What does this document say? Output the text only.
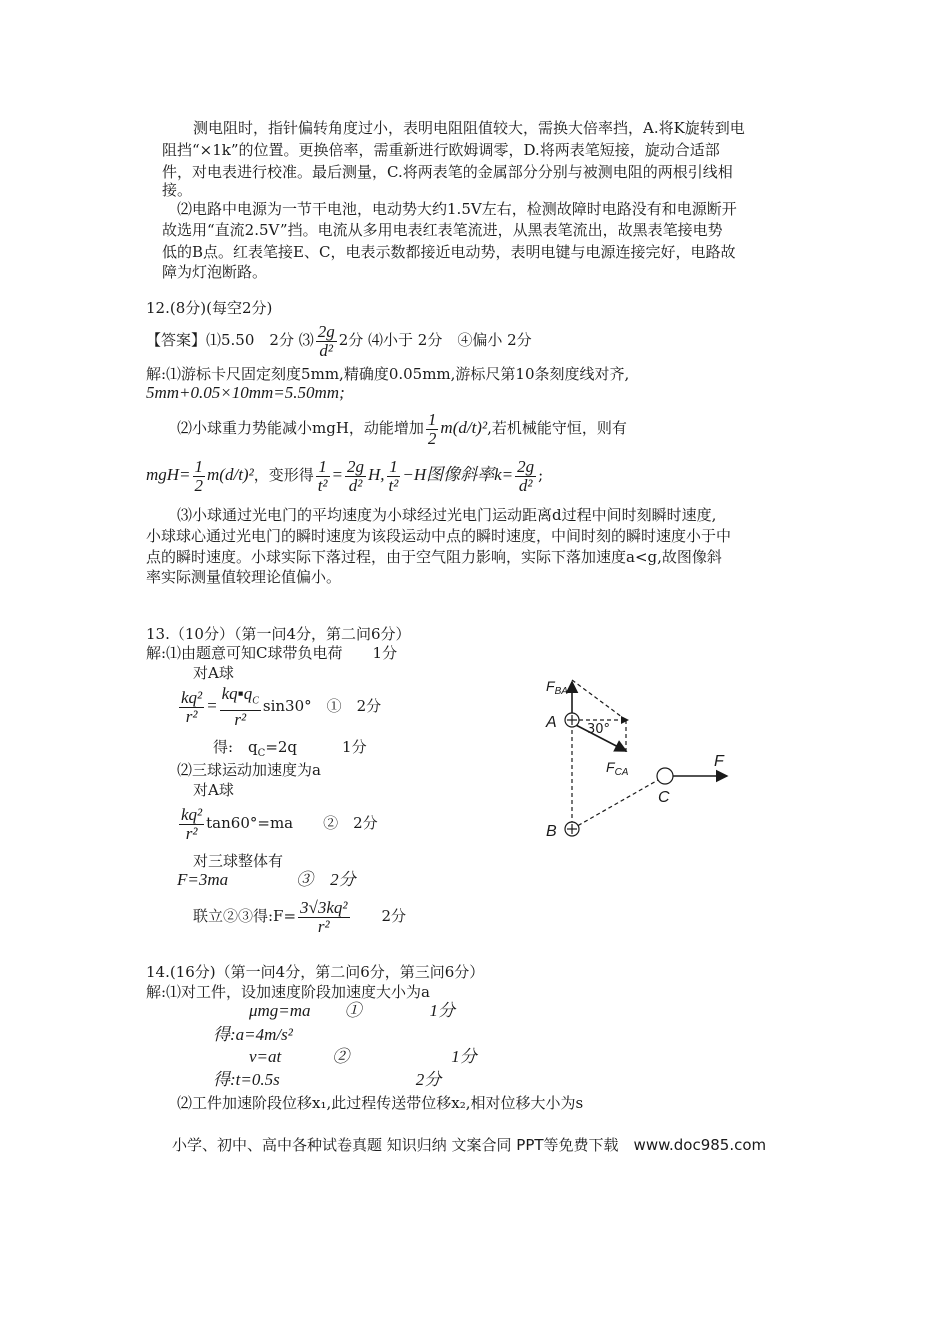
测电阻时，指针偏转角度过小，表明电阻阻值较大，需换大倍率挡，A.将K旋转到电
阻挡“×1k”的位置。更换倍率，需重新进行欧姆调零，D.将两表笔短接，旋动合适部
件，对电表进行校准。最后测量，C.将两表笔的金属部分分别与被测电阻的两根引线相
接。
⑵电路中电源为一节干电池，电动势大约1.5V左右，检测故障时电路没有和电源断开
故选用“直流2.5V”挡。电流从多用电表红表笔流进，从黑表笔流出，故黑表笔接电势
低的B点。红表笔接E、C，电表示数都接近电动势，表明电键与电源连接完好，电路故
障为灯泡断路。
12.(8分)(每空2分)
【答案】⑴5.50　2分 ⑶ $\frac{2g}{\text{d²}} 2$分 ⑷小于 2分　④偏小 2分
解:⑴游标卡尺固定刻度5mm,精确度0.05mm,游标尺第10条刻度线对齐,
5mm+0.05×10mm=5.50mm;
⑵小球重力势能减小mgH，动能增加 $\frac{1}{2} m(d/t)^2$,若机械能守恒，则有
$mgH= \frac{1}{2} m(d/t)^2$，变形得 $\frac{1}{\text{t²}} = \frac{2g}{\text{d²}} H$, $\frac{1}{\text{t²}} -H$图像斜率$k= \frac{2g}{\text{d²}}$ ;
⑶小球通过光电门的平均速度为小球经过光电门运动距离d过程中间时刻瞬时速度,
小球球心通过光电门的瞬时速度为该段运动中点的瞬时速度，中间时刻的瞬时速度小于中
点的瞬时速度。小球实际下落过程，由于空气阻力影响，实际下落加速度a<g,故图像斜
率实际测量值较理论值偏小。
13.（10分）（第一问4分，第二问6分）
解:⑴由题意可知C球带负电荷　　1分
对A球
$\frac{\text{kq²}}{\text{r²}} = \frac{kq▪q_C}{\text{r²}} \sin 30^\circ$　①　2分
得:　$q_C=2q$　　　1分
⑵三球运动加速度为a
对A球
$\frac{\text{kq²}}{\text{r²}} \tan 60^\circ=ma$　　②　2分
对三球整体有
F=3ma　　　　③　2分
联立②③得:F= $\frac{\text{3√3kq²}}{\text{r²}} 2$分
$F_{BA}$
A 30°
$F_{CA}$
C
B
F
14.(16分)（第一问4分，第二问6分，第三问6分）
解:⑴对工件，设加速度阶段加速度大小为a
μmg=ma　　①　　　　1分
得:a=4m/s²
v=at　　　②　　　　　　1分
得:t=0.5s　　　　　　　　2分
⑵工件加速阶段位移x₁,此过程传送带位移x₂,相对位移大小为s
小学、初中、高中各种试卷真题 知识归纳 文案合同 PPT等免费下载　www.doc985.com
